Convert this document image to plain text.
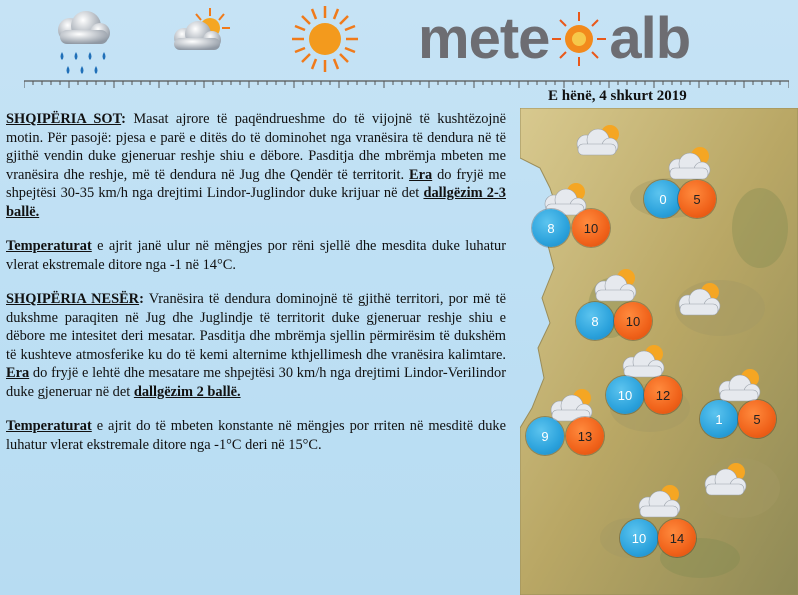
mete alb
E hënë, 4 shkurt 2019

SHQIPËRIA SOT: Masat ajrore të paqëndrueshme do të vijojnë të kushtëzojnë motin. Për pasojë: pjesa e parë e ditës do të dominohet nga vranësira të dendura në të gjithë vendin duke gjeneruar reshje shiu e dëbore. Pasditja dhe mbrëmja mbeten me vranësira dhe reshje, më të dendura në Jug dhe Qendër të territorit. Era do fryjë me shpejtësi 30-35 km/h nga drejtimi Lindor-Juglindor duke krijuar në det dallgëzim 2-3 ballë.

Temperaturat e ajrit janë ulur në mëngjes por rëni sjellë dhe mesdita duke luhatur vlerat ekstremale ditore nga -1 në 14°C.

SHQIPËRIA NESËR: Vranësira të dendura dominojnë të gjithë territori, por më të dukshme paraqiten në Jug dhe Juglindje të territorit duke gjeneruar reshje shiu e dëbore me intesitet deri mesatar. Pasditja dhe mbrëmja sjellin përmirësim të dukshëm të kushteve atmosferike ku do të kemi alternime kthjellimesh dhe vranësira kalimtare. Era do fryjë e lehtë dhe mesatare me shpejtësi 30 km/h nga drejtimi Lindor-Verilindor duke gjeneruar në det dallgëzim 2 ballë.

Temperaturat e ajrit do të mbeten konstante në mëngjes por rriten në mesditë duke luhatur vlerat ekstremale ditore nga -1°C deri në 15°C.

8	10
0	5
8	10
10	12
1	5
9	13
10	14
